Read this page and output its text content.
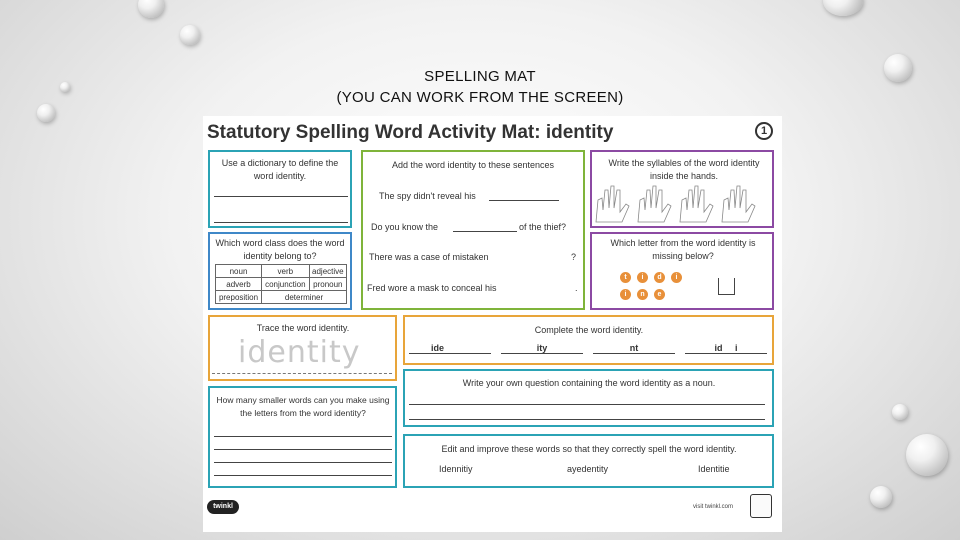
SPELLING MAT
(YOU CAN WORK FROM THE SCREEN)
Statutory Spelling Word Activity Mat: identity	1
Use a dictionary to define the word identity.
Add the word identity to these sentences
The spy didn't reveal his
Do you know the	of the thief?
There was a case of mistaken	?
Fred wore a mask to conceal his	.
Write the syllables of the word identity inside the hands.
Which word class does the word identity belong to?
noun	verb	adjective
adverb	conjunction	pronoun
preposition	determiner	
Which letter from the word identity is missing below?
t	i	d	i
i	n	e
Trace the word identity.
identity
Complete the word identity.
ide	ity	nt	id     i
Write your own question containing the word identity as a noun.
How many smaller words can you make using the letters from the word identity?
Edit and improve these words so that they correctly spell the word identity.
Idennitiy	ayedentity	Identitie
twinkl	visit twinkl.com
